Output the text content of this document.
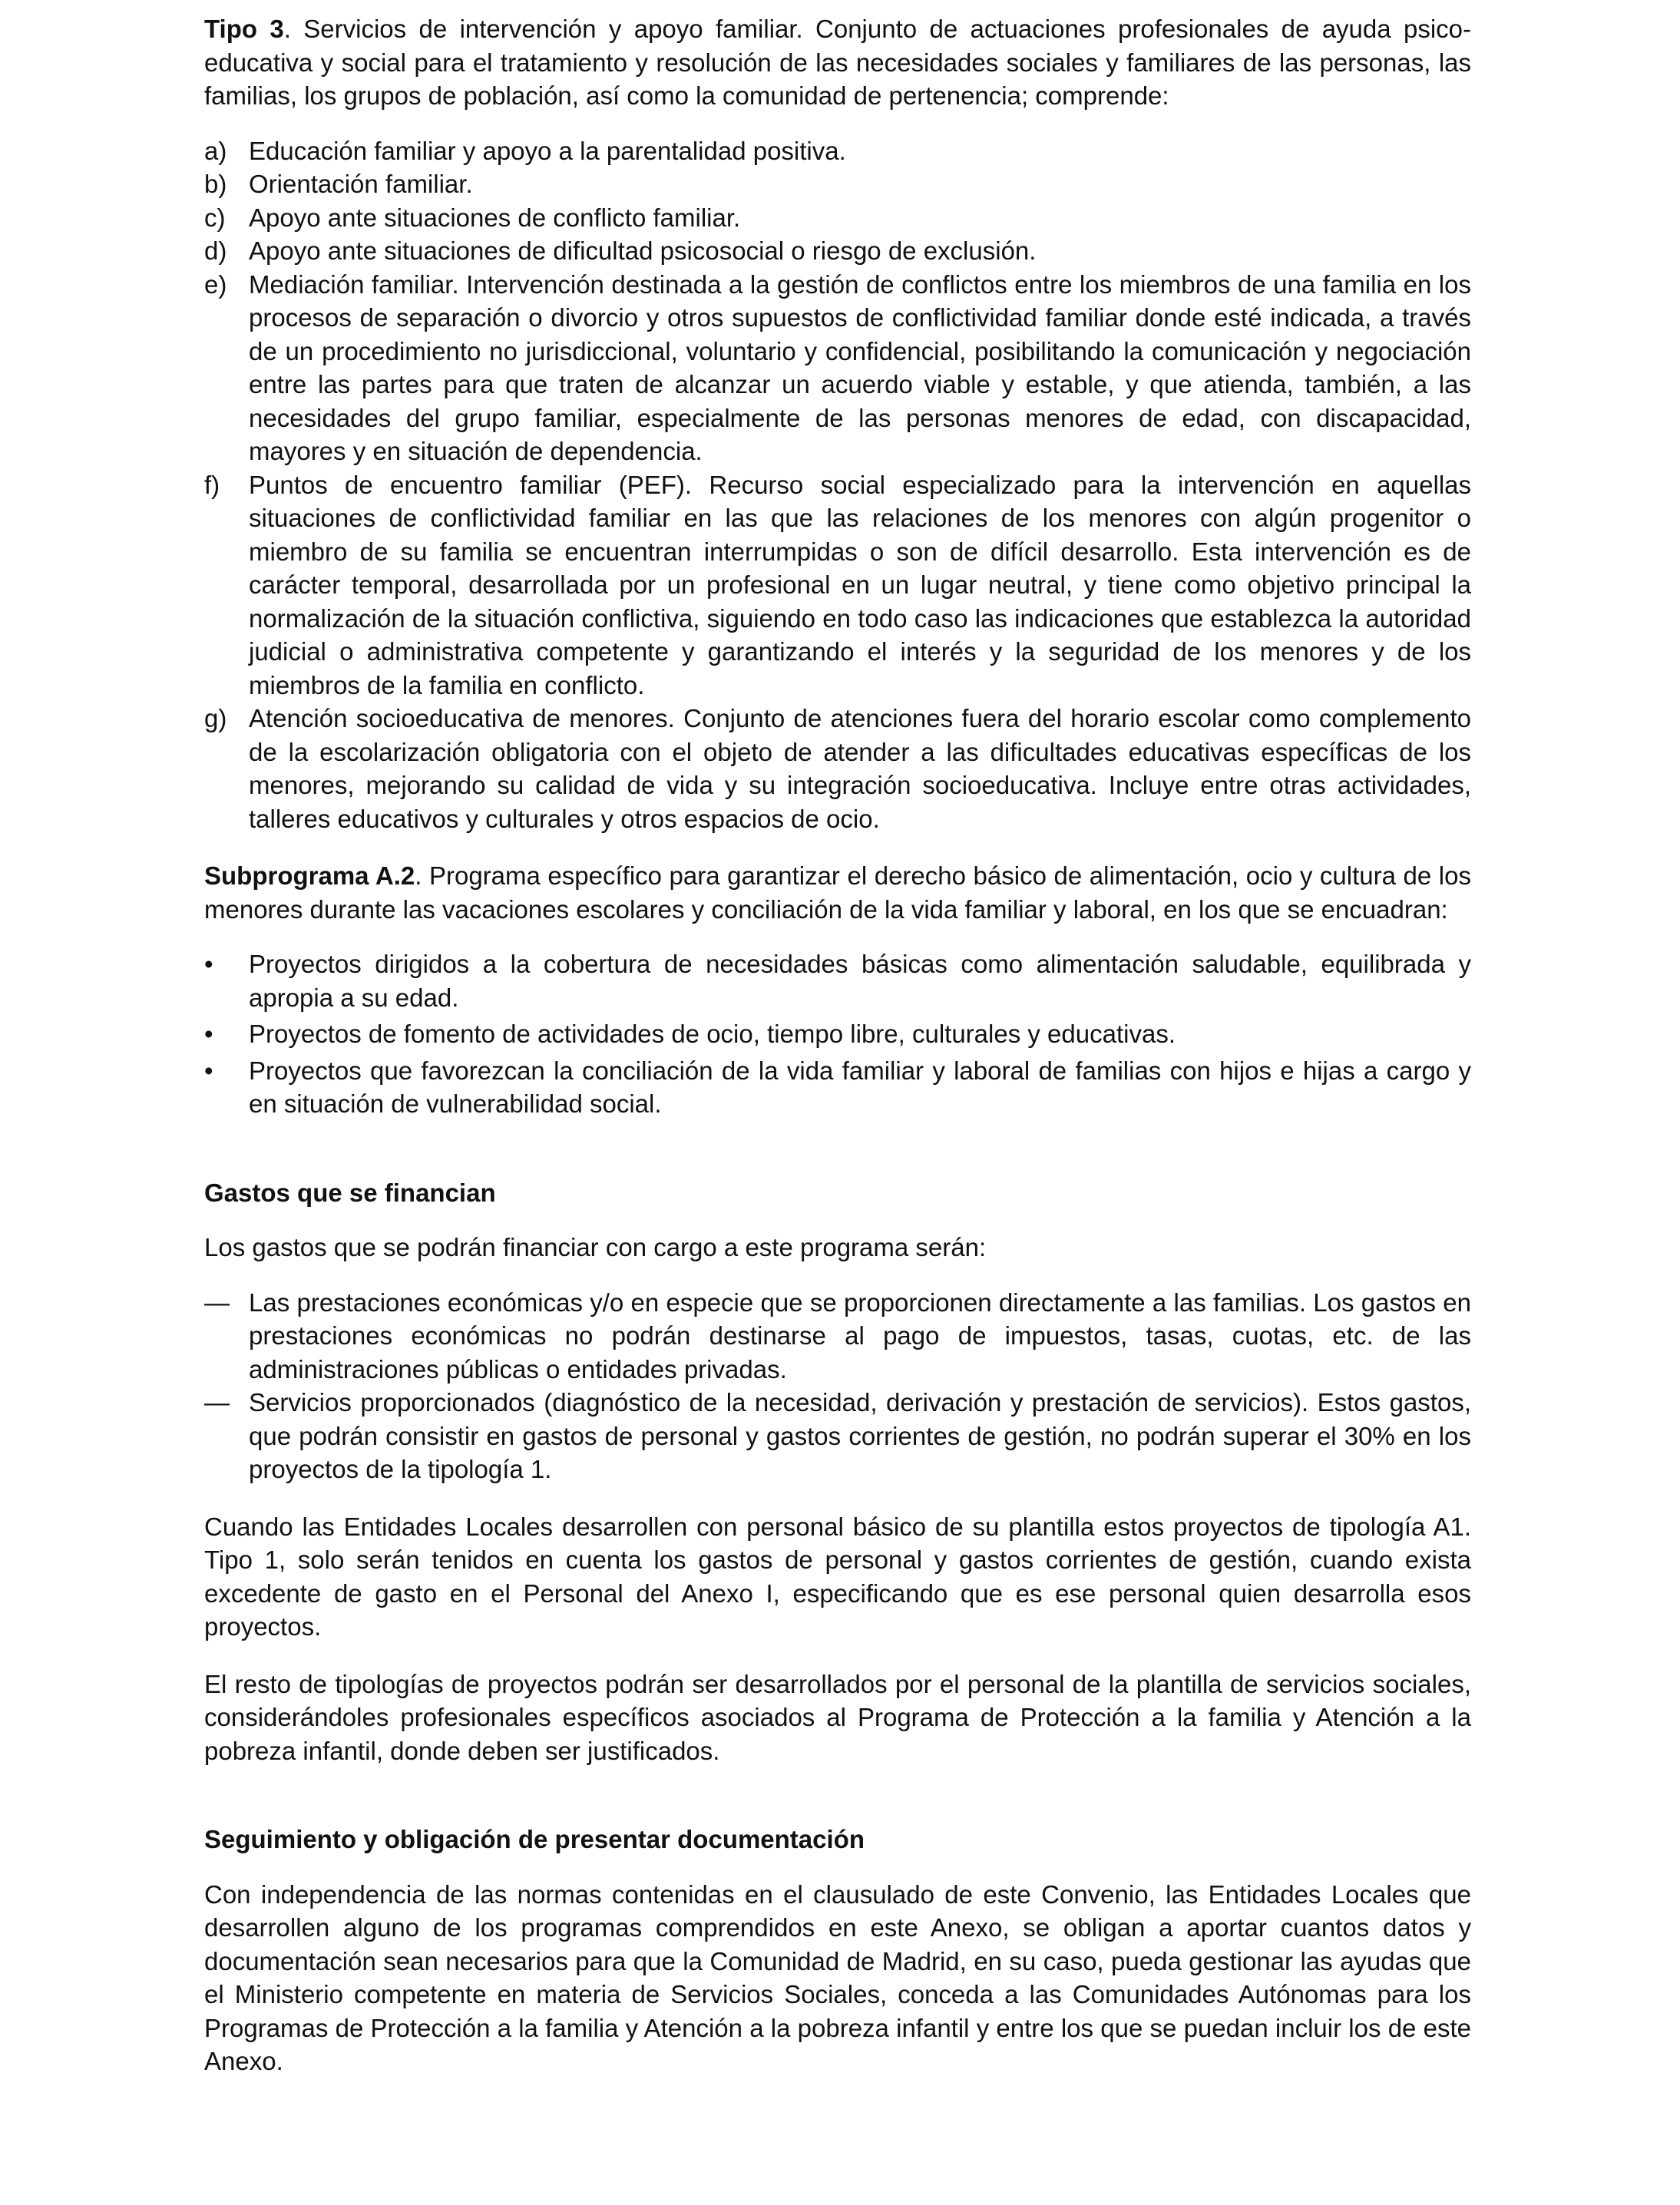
Tipo 3. Servicios de intervención y apoyo familiar. Conjunto de actuaciones profesionales de ayuda psico-educativa y social para el tratamiento y resolución de las necesidades sociales y familiares de las personas, las familias, los grupos de población, así como la comunidad de pertenencia; comprende:

a) Educación familiar y apoyo a la parentalidad positiva.
b) Orientación familiar.
c) Apoyo ante situaciones de conflicto familiar.
d) Apoyo ante situaciones de dificultad psicosocial o riesgo de exclusión.
e) Mediación familiar. Intervención destinada a la gestión de conflictos entre los miembros de una familia en los procesos de separación o divorcio y otros supuestos de conflictividad familiar donde esté indicada, a través de un procedimiento no jurisdiccional, voluntario y confidencial, posibilitando la comunicación y negociación entre las partes para que traten de alcanzar un acuerdo viable y estable, y que atienda, también, a las necesidades del grupo familiar, especialmente de las personas menores de edad, con discapacidad, mayores y en situación de dependencia.
f)	Puntos de encuentro familiar (PEF). Recurso social especializado para la intervención en aquellas situaciones de conflictividad familiar en las que las relaciones de los menores con algún progenitor o miembro de su familia se encuentran interrumpidas o son de difícil desarrollo. Esta intervención es de carácter temporal, desarrollada por un profesional en un lugar neutral, y tiene como objetivo principal la normalización de la situación conflictiva, siguiendo en todo caso las indicaciones que establezca la autoridad judicial o administrativa competente y garantizando el interés y la seguridad de los menores y de los miembros de la familia en conflicto.
g) Atención socioeducativa de menores. Conjunto de atenciones fuera del horario escolar como complemento de la escolarización obligatoria con el objeto de atender a las dificultades educativas específicas de los menores, mejorando su calidad de vida y su integración socioeducativa. Incluye entre otras actividades, talleres educativos y culturales y otros espacios de ocio.

Subprograma A.2. Programa específico para garantizar el derecho básico de alimentación, ocio y cultura de los menores durante las vacaciones escolares y conciliación de la vida familiar y laboral, en los que se encuadran:

•	Proyectos dirigidos a la cobertura de necesidades básicas como alimentación saludable, equilibrada y apropia a su edad.
•	Proyectos de fomento de actividades de ocio, tiempo libre, culturales y educativas.
•	Proyectos que favorezcan la conciliación de la vida familiar y laboral de familias con hijos e hijas a cargo y en situación de vulnerabilidad social.

Gastos que se financian

Los gastos que se podrán financiar con cargo a este programa serán:

— Las prestaciones económicas y/o en especie que se proporcionen directamente a las familias. Los gastos en prestaciones económicas no podrán destinarse al pago de impuestos, tasas, cuotas, etc. de las administraciones públicas o entidades privadas.
— Servicios proporcionados (diagnóstico de la necesidad, derivación y prestación de servicios). Estos gastos, que podrán consistir en gastos de personal y gastos corrientes de gestión, no podrán superar el 30% en los proyectos de la tipología 1.

Cuando las Entidades Locales desarrollen con personal básico de su plantilla estos proyectos de tipología A1. Tipo 1, solo serán tenidos en cuenta los gastos de personal y gastos corrientes de gestión, cuando exista excedente de gasto en el Personal del Anexo I, especificando que es ese personal quien desarrolla esos proyectos.

El resto de tipologías de proyectos podrán ser desarrollados por el personal de la plantilla de servicios sociales, considerándoles profesionales específicos asociados al Programa de Protección a la familia y Atención a la pobreza infantil, donde deben ser justificados.

Seguimiento y obligación de presentar documentación

Con independencia de las normas contenidas en el clausulado de este Convenio, las Entidades Locales que desarrollen alguno de los programas comprendidos en este Anexo, se obligan a aportar cuantos datos y documentación sean necesarios para que la Comunidad de Madrid, en su caso, pueda gestionar las ayudas que el Ministerio competente en materia de Servicios Sociales, conceda a las Comunidades Autónomas para los Programas de Protección a la familia y Atención a la pobreza infantil y entre los que se puedan incluir los de este Anexo.
